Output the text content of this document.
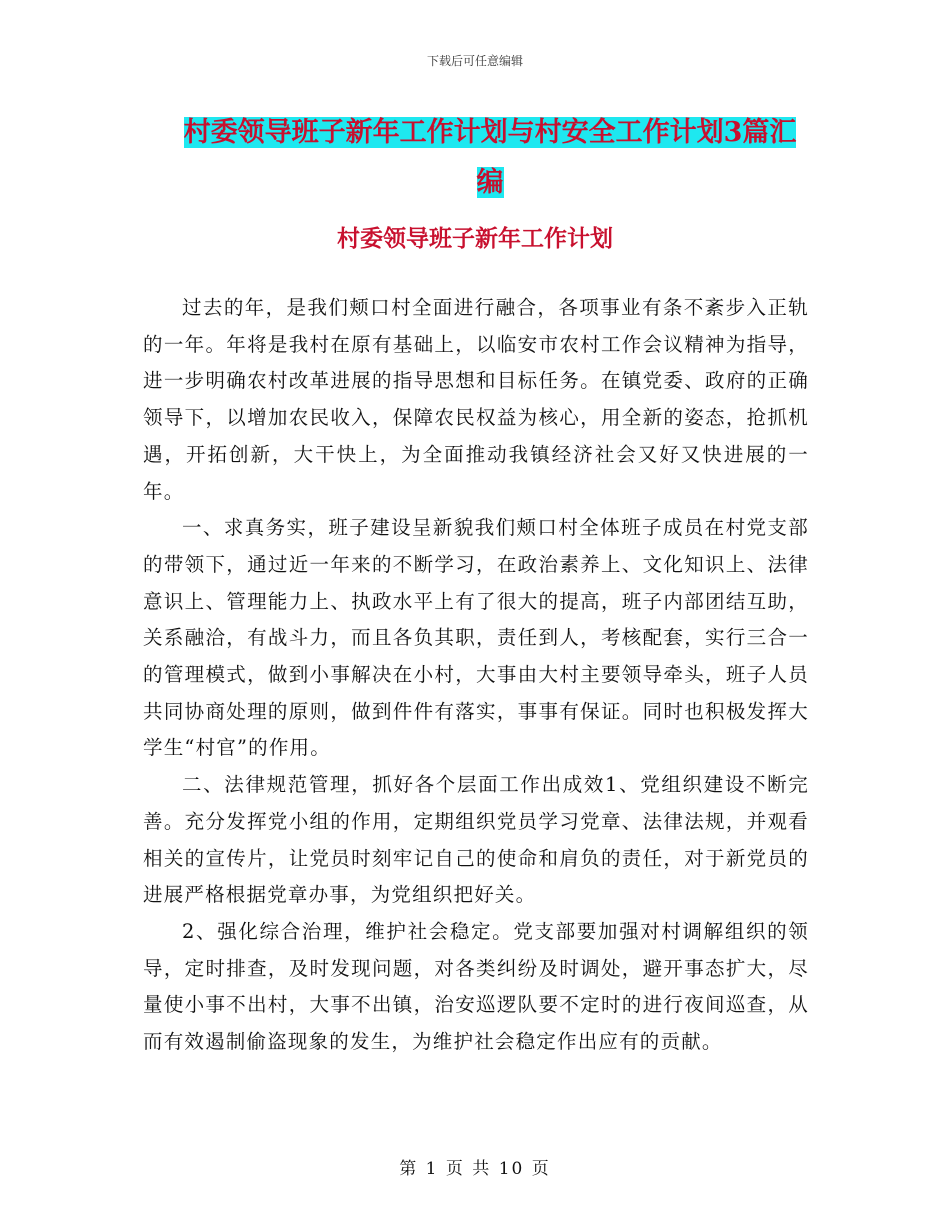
下载后可任意编辑
村委领导班子新年工作计划与村安全工作计划3篇汇
编
村委领导班子新年工作计划

过去的年，是我们颊口村全面进行融合，各项事业有条不紊步入正轨的一年。年将是我村在原有基础上，以临安市农村工作会议精神为指导，进一步明确农村改革进展的指导思想和目标任务。在镇党委、政府的正确领导下，以增加农民收入，保障农民权益为核心，用全新的姿态，抢抓机遇，开拓创新，大干快上，为全面推动我镇经济社会又好又快进展的一年。

一、求真务实，班子建设呈新貌我们颊口村全体班子成员在村党支部的带领下，通过近一年来的不断学习，在政治素养上、文化知识上、法律意识上、管理能力上、执政水平上有了很大的提高，班子内部团结互助，关系融洽，有战斗力，而且各负其职，责任到人，考核配套，实行三合一的管理模式，做到小事解决在小村，大事由大村主要领导牵头，班子人员共同协商处理的原则，做到件件有落实，事事有保证。同时也积极发挥大学生“村官”的作用。

二、法律规范管理，抓好各个层面工作出成效1、党组织建设不断完善。充分发挥党小组的作用，定期组织党员学习党章、法律法规，并观看相关的宣传片，让党员时刻牢记自己的使命和肩负的责任，对于新党员的进展严格根据党章办事，为党组织把好关。

2、强化综合治理，维护社会稳定。党支部要加强对村调解组织的领导，定时排查，及时发现问题，对各类纠纷及时调处，避开事态扩大，尽量使小事不出村，大事不出镇，治安巡逻队要不定时的进行夜间巡查，从而有效遏制偷盗现象的发生，为维护社会稳定作出应有的贡献。

第 1 页 共 10 页
